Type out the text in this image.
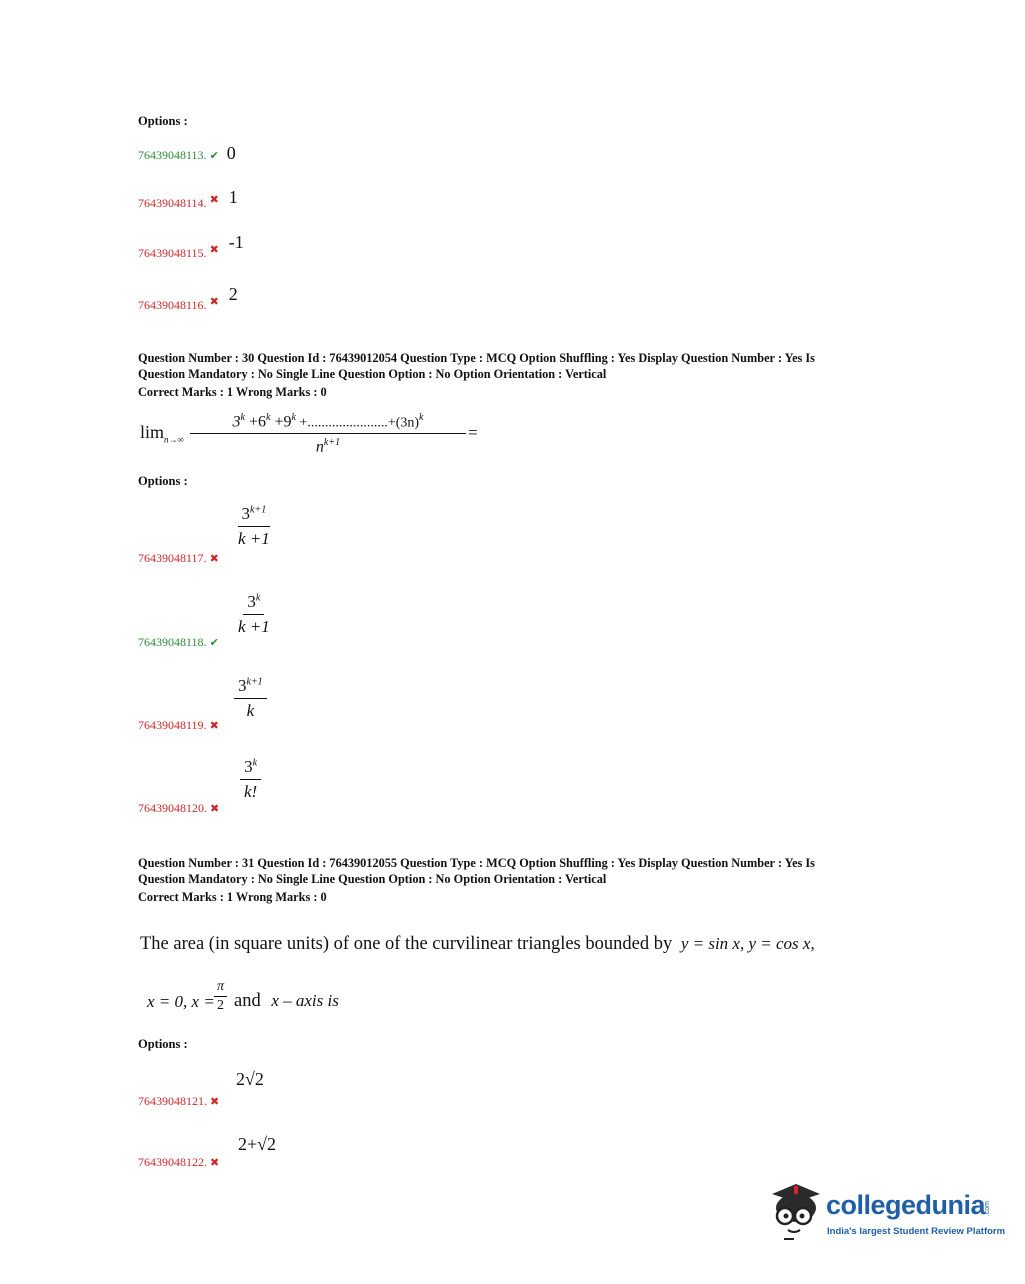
Options :
76439048113. ✔ 0
$_{76439048114.}$ ✖ 1
$_{76439048115.}$ ✖ -1
$_{76439048116.}$ ✖ 2
Question Number : 30 Question Id : 76439012054 Question Type : MCQ Option Shuffling : Yes Display Question Number : Yes Is
Question Mandatory : No Single Line Question Option : No Option Orientation : Vertical
Correct Marks : 1 Wrong Marks : 0
$\lim_{n\to\infty}$
$3^k +6^k +9^k +.......................+(3n)^k$
$n^{k+1}$
=
Options :
$\frac{3^{k+1}}{k +1}$
76439048117. ✖
$\frac{3^k}{k +1}$
76439048118. ✔
$\frac{3^{k+1}}{k}$
76439048119. ✖
$\frac{3^k}{k!}$
76439048120. ✖
Question Number : 31 Question Id : 76439012055 Question Type : MCQ Option Shuffling : Yes Display Question Number : Yes Is
Question Mandatory : No Single Line Question Option : No Option Orientation : Vertical
Correct Marks : 1 Wrong Marks : 0
The area (in square units) of one of the curvilinear triangles bounded by y = sin x, y = cos x,
x = 0, $x = \frac{\pi}{2}$ and x – axis is
Options :
2√2
76439048121. ✖
2+√2
76439048122. ✖
collegedunia
.com
India's largest Student Review Platform
